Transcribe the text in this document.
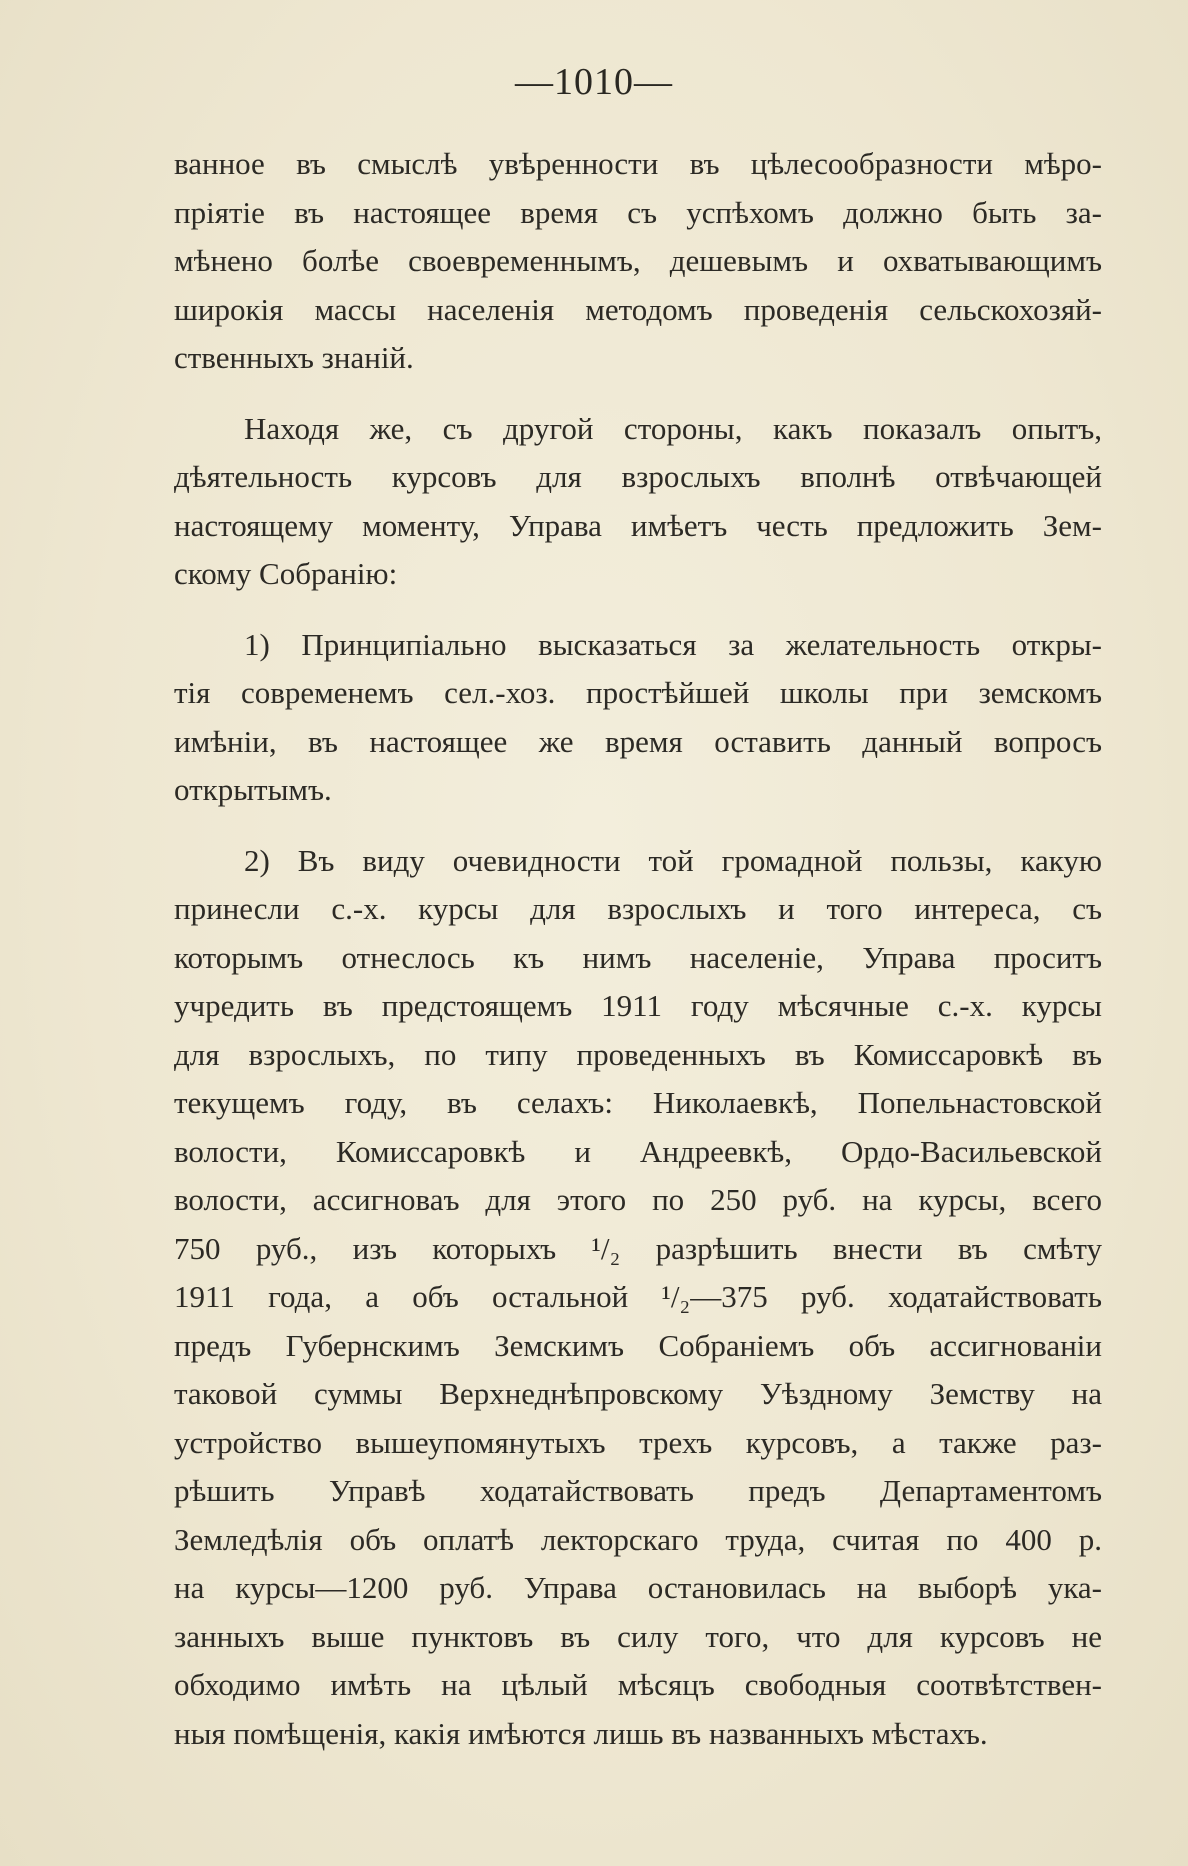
—1010—
ванное въ смыслѣ увѣренности въ цѣлесообразности мѣро-
пріятіе въ настоящее время съ успѣхомъ должно быть за-
мѣнено болѣе своевременнымъ, дешевымъ и охватывающимъ
широкія массы населенія методомъ проведенія сельскохозяй-
ственныхъ знаній.
Находя же, съ другой стороны, какъ показалъ опытъ,
дѣятельность курсовъ для взрослыхъ вполнѣ отвѣчающей
настоящему моменту, Управа имѣетъ честь предложить Зем-
скому Собранію:
1) Принципіально высказаться за желательность откры-
тія современемъ сел.-хоз. простѣйшей школы при земскомъ
имѣніи, въ настоящее же время оставить данный вопросъ
открытымъ.
2) Въ виду очевидности той громадной пользы, какую
принесли с.-х. курсы для взрослыхъ и того интереса, съ
которымъ отнеслось къ нимъ населеніе, Управа проситъ
учредить въ предстоящемъ 1911 году мѣсячные с.-х. курсы
для взрослыхъ, по типу проведенныхъ въ Комиссаровкѣ въ
текущемъ году, въ селахъ: Николаевкѣ, Попельнастовской
волости, Комиссаровкѣ и Андреевкѣ, Ордо-Васильевской
волости, ассигноваъ для этого по 250 руб. на курсы, всего
750 руб., изъ которыхъ ¹/₂ разрѣшить внести въ смѣту
1911 года, а объ остальной ¹/₂—375 руб. ходатайствовать
предъ Губернскимъ Земскимъ Собраніемъ объ ассигнованіи
таковой суммы Верхнеднѣпровскому Уѣздному Земству на
устройство вышеупомянутыхъ трехъ курсовъ, а также раз-
рѣшить Управѣ ходатайствовать предъ Департаментомъ
Земледѣлія объ оплатѣ лекторскаго труда, считая по 400 р.
на курсы—1200 руб. Управа остановилась на выборѣ ука-
занныхъ выше пунктовъ въ силу того, что для курсовъ не
обходимо имѣть на цѣлый мѣсяцъ свободныя соотвѣтствен-
ныя помѣщенія, какія имѣются лишь въ названныхъ мѣстахъ.
